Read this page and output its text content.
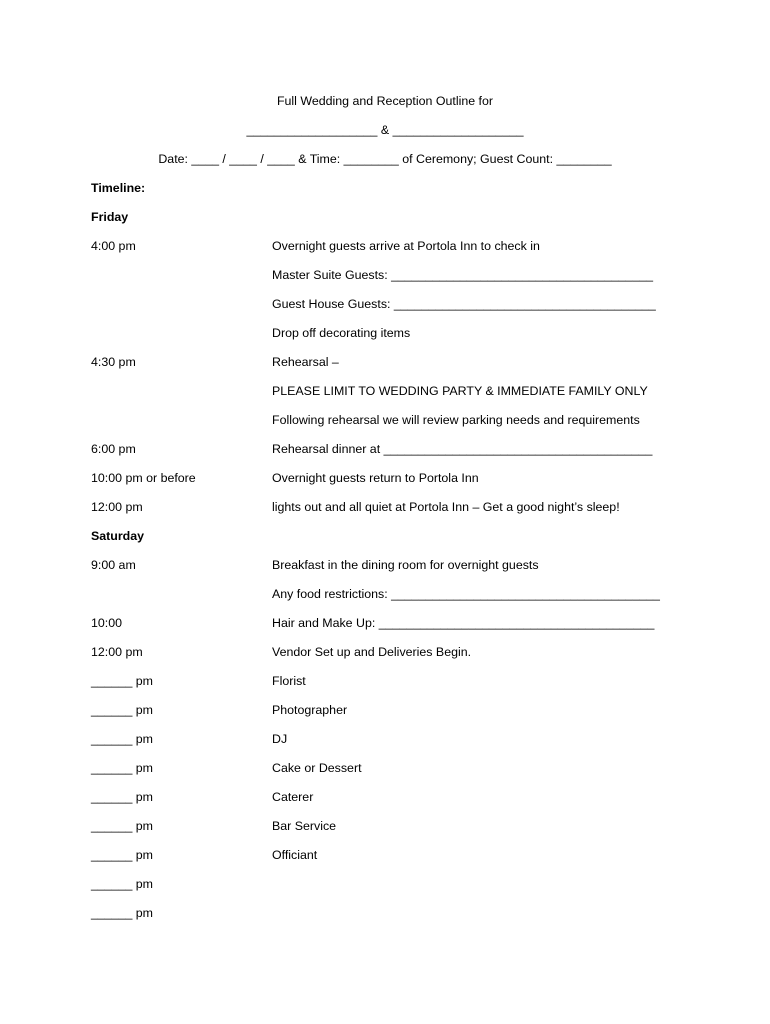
Full Wedding and Reception Outline for
___________________ & ___________________
Date: ____ / ____ / ____ & Time: ________ of Ceremony; Guest Count: ________
Timeline:
Friday
4:00 pm	Overnight guests arrive at Portola Inn to check in
Master Suite Guests: ______________________________________
Guest House Guests: ______________________________________
Drop off decorating items
4:30 pm	Rehearsal –
PLEASE LIMIT TO WEDDING PARTY & IMMEDIATE FAMILY ONLY
Following rehearsal we will review parking needs and requirements
6:00 pm	Rehearsal dinner at _______________________________________
10:00 pm or before	Overnight guests return to Portola Inn
12:00 pm	lights out and all quiet at Portola Inn – Get a good night’s sleep!
Saturday
9:00 am	Breakfast in the dining room for overnight guests
Any food restrictions: _______________________________________
10:00	Hair and Make Up: ________________________________________
12:00 pm	Vendor Set up and Deliveries Begin.
______ pm	Florist
______ pm	Photographer
______ pm	DJ
______ pm	Cake or Dessert
______ pm	Caterer
______ pm	Bar Service
______ pm	Officiant
______ pm
______ pm
